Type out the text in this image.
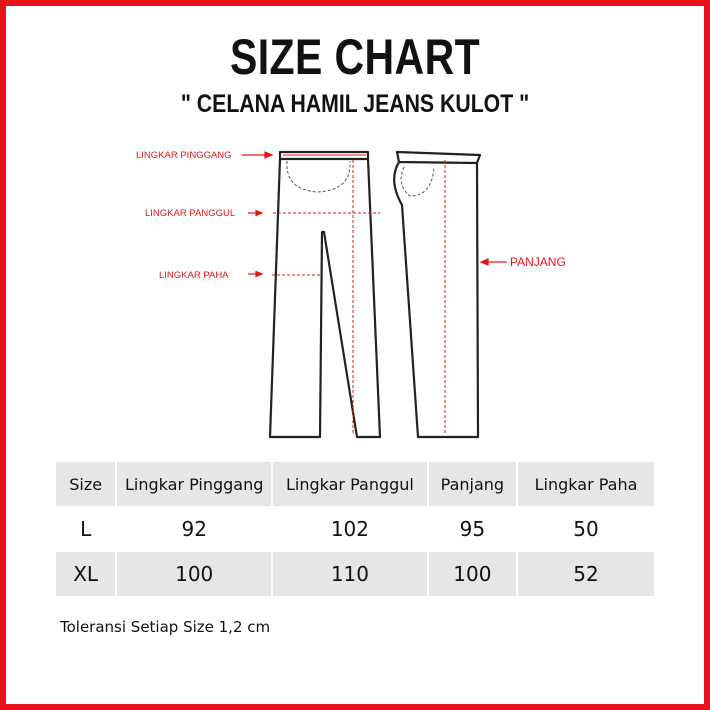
SIZE CHART
" CELANA HAMIL JEANS KULOT "
LINGKAR PINGGANG
LINGKAR PANGGUL
LINGKAR PAHA
PANJANG
Size	Lingkar Pinggang	Lingkar Panggul	Panjang	Lingkar Paha
L	92	102	95	50
XL	100	110	100	52
Toleransi Setiap Size 1,2 cm
